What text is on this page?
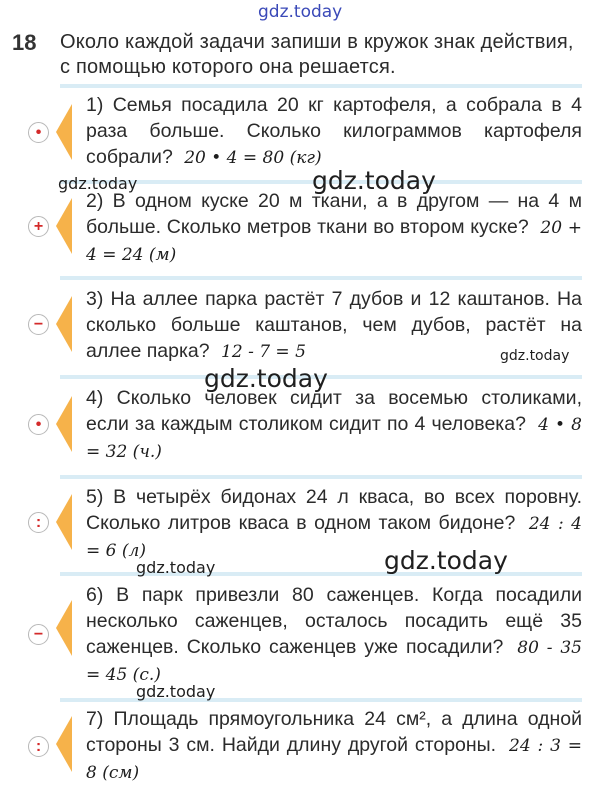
gdz.today
18 Около каждой задачи запиши в кружок знак действия, с помощью которого она решается.
•
1) Семья посадила 20 кг картофеля, а собрала в 4 раза больше. Сколько килограммов картофеля собрали? 20 • 4 = 80 (кг)
+
2) В одном куске 20 м ткани, а в другом — на 4 м больше. Сколько метров ткани во втором куске? 20 + 4 = 24 (м)
−
3) На аллее парка растёт 7 дубов и 12 каштанов. На сколько больше каштанов, чем дубов, растёт на аллее парка? 12 - 7 = 5
•
4) Сколько человек сидит за восемью столиками, если за каждым столиком сидит по 4 человека? 4 • 8 = 32 (ч.)
:
5) В четырёх бидонах 24 л кваса, во всех поровну. Сколько литров кваса в одном таком бидоне? 24 : 4 = 6 (л)
−
6) В парк привезли 80 саженцев. Когда посадили несколько саженцев, осталось посадить ещё 35 саженцев. Сколько саженцев уже посадили? 80 - 35 = 45 (с.)
:
7) Площадь прямоугольника 24 см², а длина одной стороны 3 см. Найди длину другой стороны. 24 : 3 = 8 (см)
gdz.today	gdz.today
gdz.today
gdz.today
gdz.today
gdz.today
gdz.today
